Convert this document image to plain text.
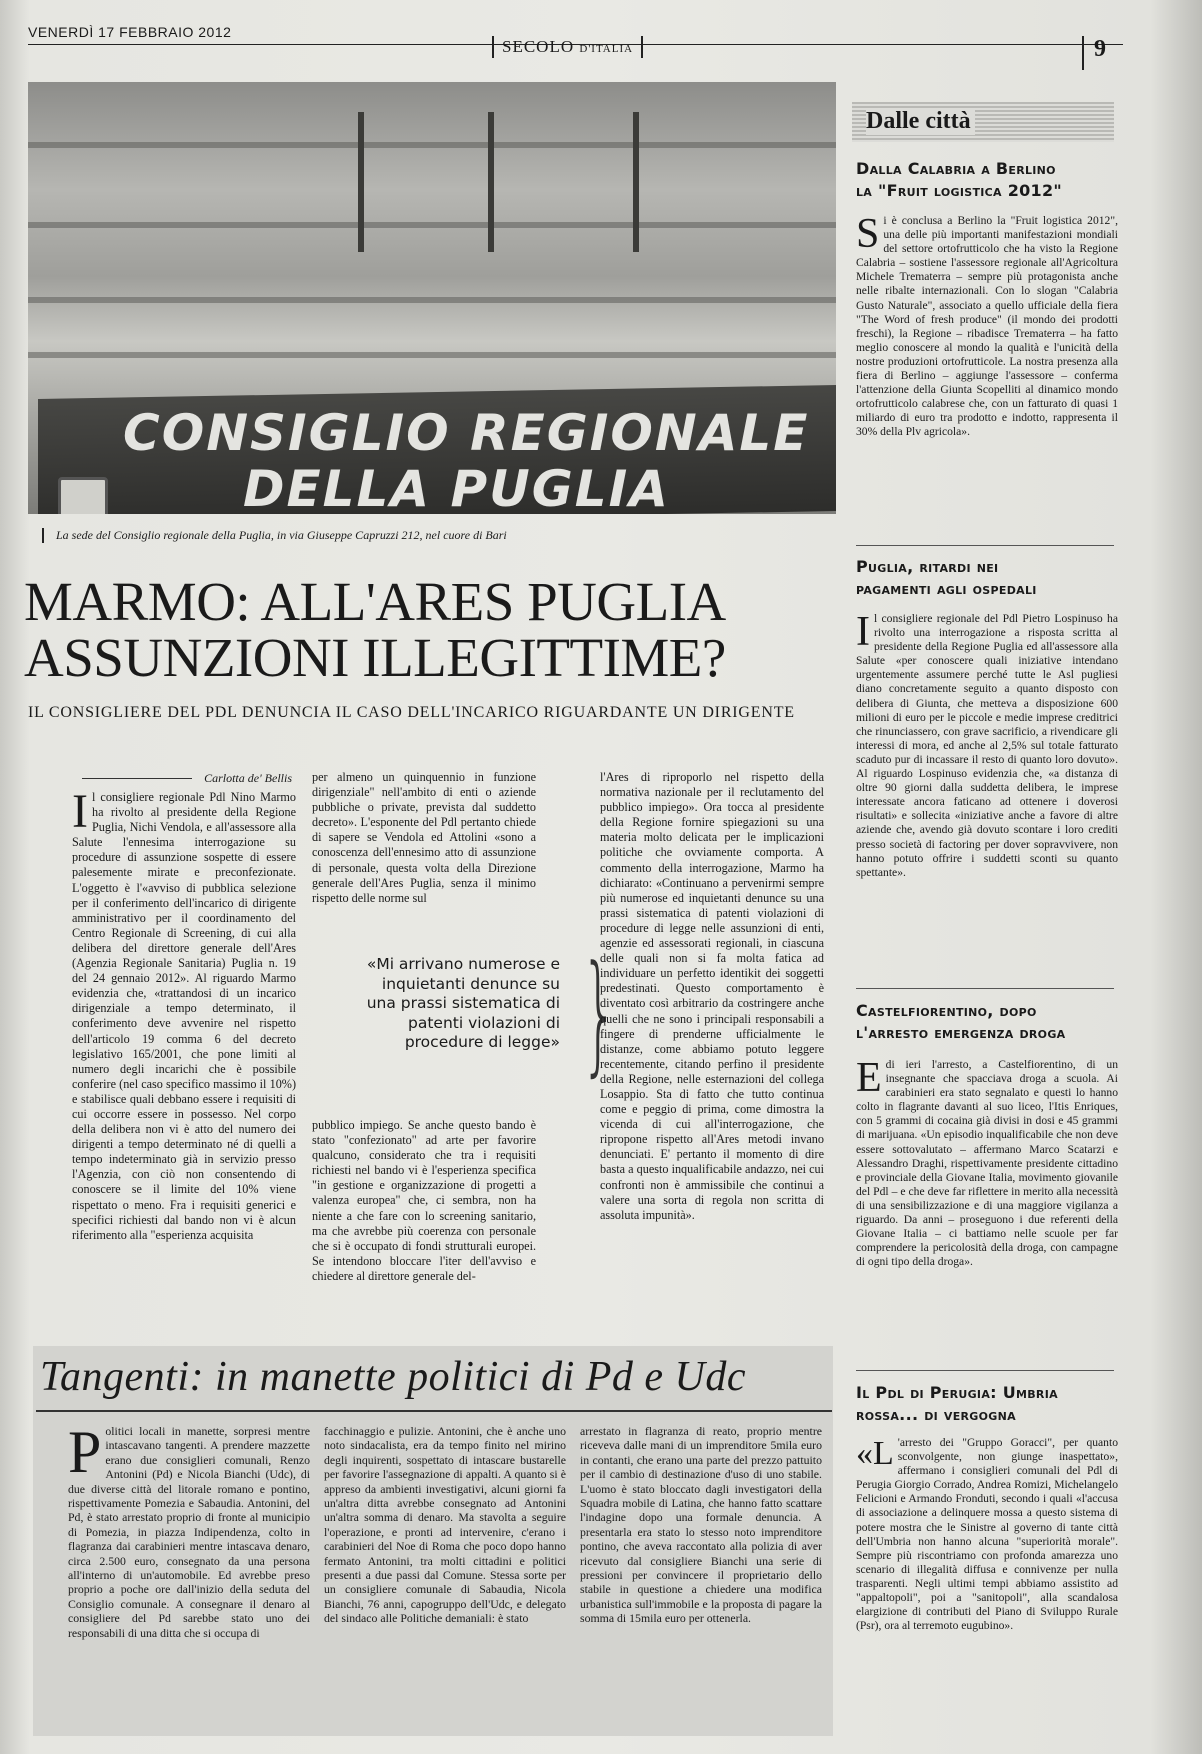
VENERDÌ 17 FEBBRAIO 2012
SECOLO D'ITALIA	9
CONSIGLIO REGIONALE
DELLA PUGLIA
La sede del Consiglio regionale della Puglia, in via Giuseppe Capruzzi 212, nel cuore di Bari
MARMO: ALL'ARES PUGLIA
ASSUNZIONI ILLEGITTIME?
IL CONSIGLIERE DEL PDL DENUNCIA IL CASO DELL'INCARICO RIGUARDANTE UN DIRIGENTE
Carlotta de' Bellis
Il consigliere regionale Pdl Nino Marmo ha rivolto al presidente della Regione Puglia, Nichi Vendola, e all'assessore alla Salute l'ennesima interrogazione su procedure di assunzione sospette di essere palesemente mirate e preconfezionate. L'oggetto è l'«avviso di pubblica selezione per il conferimento dell'incarico di dirigente amministrativo per il coordinamento del Centro Regionale di Screening, di cui alla delibera del direttore generale dell'Ares (Agenzia Regionale Sanitaria) Puglia n. 19 del 24 gennaio 2012». Al riguardo Marmo evidenzia che, «trattandosi di un incarico dirigenziale a tempo determinato, il conferimento deve avvenire nel rispetto dell'articolo 19 comma 6 del decreto legislativo 165/2001, che pone limiti al numero degli incarichi che è possibile conferire (nel caso specifico massimo il 10%) e stabilisce quali debbano essere i requisiti di cui occorre essere in possesso. Nel corpo della delibera non vi è atto del numero dei dirigenti a tempo determinato né di quelli a tempo indeterminato già in servizio presso l'Agenzia, con ciò non consentendo di conoscere se il limite del 10% viene rispettato o meno. Fra i requisiti generici e specifici richiesti dal bando non vi è alcun riferimento alla "esperienza acquisita
per almeno un quinquennio in funzione dirigenziale" nell'ambito di enti o aziende pubbliche o private, prevista dal suddetto decreto». L'esponente del Pdl pertanto chiede di sapere se Vendola ed Attolini «sono a conoscenza dell'ennesimo atto di assunzione di personale, questa volta della Direzione generale dell'Ares Puglia, senza il minimo rispetto delle norme sul
«Mi arrivano numerose e inquietanti denunce su una prassi sistematica di patenti violazioni di procedure di legge» }
pubblico impiego. Se anche questo bando è stato "confezionato" ad arte per favorire qualcuno, considerato che tra i requisiti richiesti nel bando vi è l'esperienza specifica "in gestione e organizzazione di progetti a valenza europea" che, ci sembra, non ha niente a che fare con lo screening sanitario, ma che avrebbe più coerenza con personale che si è occupato di fondi strutturali europei. Se intendono bloccare l'iter dell'avviso e chiedere al direttore generale del-
l'Ares di riproporlo nel rispetto della normativa nazionale per il reclutamento del pubblico impiego». Ora tocca al presidente della Regione fornire spiegazioni su una materia molto delicata per le implicazioni politiche che ovviamente comporta. A commento della interrogazione, Marmo ha dichiarato: «Continuano a pervenirmi sempre più numerose ed inquietanti denunce su una prassi sistematica di patenti violazioni di procedure di legge nelle assunzioni di enti, agenzie ed assessorati regionali, in ciascuna delle quali non si fa molta fatica ad individuare un perfetto identikit dei soggetti predestinati. Questo comportamento è diventato così arbitrario da costringere anche quelli che ne sono i principali responsabili a fingere di prenderne ufficialmente le distanze, come abbiamo potuto leggere recentemente, citando perfino il presidente della Regione, nelle esternazioni del collega Losappio. Sta di fatto che tutto continua come e peggio di prima, come dimostra la vicenda di cui all'interrogazione, che ripropone rispetto all'Ares metodi invano denunciati. E' pertanto il momento di dire basta a questo inqualificabile andazzo, nei cui confronti non è ammissibile che continui a valere una sorta di regola non scritta di assoluta impunità».
Tangenti: in manette politici di Pd e Udc
Politici locali in manette, sorpresi mentre intascavano tangenti. A prendere mazzette erano due consiglieri comunali, Renzo Antonini (Pd) e Nicola Bianchi (Udc), di due diverse città del litorale romano e pontino, rispettivamente Pomezia e Sabaudia. Antonini, del Pd, è stato arrestato proprio di fronte al municipio di Pomezia, in piazza Indipendenza, colto in flagranza dai carabinieri mentre intascava denaro, circa 2.500 euro, consegnato da una persona all'interno di un'automobile. Ed avrebbe preso proprio a poche ore dall'inizio della seduta del Consiglio comunale. A consegnare il denaro al consigliere del Pd sarebbe stato uno dei responsabili di una ditta che si occupa di
facchinaggio e pulizie. Antonini, che è anche uno noto sindacalista, era da tempo finito nel mirino degli inquirenti, sospettato di intascare bustarelle per favorire l'assegnazione di appalti. A quanto si è appreso da ambienti investigativi, alcuni giorni fa un'altra ditta avrebbe consegnato ad Antonini un'altra somma di denaro. Ma stavolta a seguire l'operazione, e pronti ad intervenire, c'erano i carabinieri del Noe di Roma che poco dopo hanno fermato Antonini, tra molti cittadini e politici presenti a due passi dal Comune. Stessa sorte per un consigliere comunale di Sabaudia, Nicola Bianchi, 76 anni, capogruppo dell'Udc, e delegato del sindaco alle Politiche demaniali: è stato
arrestato in flagranza di reato, proprio mentre riceveva dalle mani di un imprenditore 5mila euro in contanti, che erano una parte del prezzo pattuito per il cambio di destinazione d'uso di uno stabile. L'uomo è stato bloccato dagli investigatori della Squadra mobile di Latina, che hanno fatto scattare l'indagine dopo una formale denuncia. A presentarla era stato lo stesso noto imprenditore pontino, che aveva raccontato alla polizia di aver ricevuto dal consigliere Bianchi una serie di pressioni per convincere il proprietario dello stabile in questione a chiedere una modifica urbanistica sull'immobile e la proposta di pagare la somma di 15mila euro per ottenerla.
Dalle città
Dalla Calabria a Berlino
la "Fruit logistica 2012"
Si è conclusa a Berlino la "Fruit logistica 2012", una delle più importanti manifestazioni mondiali del settore ortofrutticolo che ha visto la Regione Calabria – sostiene l'assessore regionale all'Agricoltura Michele Trematerra – sempre più protagonista anche nelle ribalte internazionali. Con lo slogan "Calabria Gusto Naturale", associato a quello ufficiale della fiera "The Word of fresh produce" (il mondo dei prodotti freschi), la Regione – ribadisce Trematerra – ha fatto meglio conoscere al mondo la qualità e l'unicità della nostre produzioni ortofrutticole. La nostra presenza alla fiera di Berlino – aggiunge l'assessore – conferma l'attenzione della Giunta Scopelliti al dinamico mondo ortofrutticolo calabrese che, con un fatturato di quasi 1 miliardo di euro tra prodotto e indotto, rappresenta il 30% della Plv agricola».
Puglia, ritardi nei
pagamenti agli ospedali
Il consigliere regionale del Pdl Pietro Lospinuso ha rivolto una interrogazione a risposta scritta al presidente della Regione Puglia ed all'assessore alla Salute «per conoscere quali iniziative intendano urgentemente assumere perché tutte le Asl pugliesi diano concretamente seguito a quanto disposto con delibera di Giunta, che metteva a disposizione 600 milioni di euro per le piccole e medie imprese creditrici che rinunciassero, con grave sacrificio, a rivendicare gli interessi di mora, ed anche al 2,5% sul totale fatturato scaduto pur di incassare il resto di quanto loro dovuto». Al riguardo Lospinuso evidenzia che, «a distanza di oltre 90 giorni dalla suddetta delibera, le imprese interessate ancora faticano ad ottenere i doverosi risultati» e sollecita «iniziative anche a favore di altre aziende che, avendo già dovuto scontare i loro crediti presso società di factoring per dover sopravvivere, non hanno potuto offrire i suddetti sconti su quanto spettante».
Castelfiorentino, dopo
l'arresto emergenza droga
Edi ieri l'arresto, a Castelfiorentino, di un insegnante che spacciava droga a scuola. Ai carabinieri era stato segnalato e questi lo hanno colto in flagrante davanti al suo liceo, l'Itis Enriques, con 5 grammi di cocaina già divisi in dosi e 45 grammi di marijuana. «Un episodio inqualificabile che non deve essere sottovalutato – affermano Marco Scatarzi e Alessandro Draghi, rispettivamente presidente cittadino e provinciale della Giovane Italia, movimento giovanile del Pdl – e che deve far riflettere in merito alla necessità di una sensibilizzazione e di una maggiore vigilanza a riguardo. Da anni – proseguono i due referenti della Giovane Italia – ci battiamo nelle scuole per far comprendere la pericolosità della droga, con campagne di ogni tipo della droga».
Il Pdl di Perugia: Umbria
rossa... di vergogna
«L 'arresto dei "Gruppo Goracci", per quanto sconvolgente, non giunge inaspettato», affermano i consiglieri comunali del Pdl di Perugia Giorgio Corrado, Andrea Romizi, Michelangelo Felicioni e Armando Fronduti, secondo i quali «l'accusa di associazione a delinquere mossa a questo sistema di potere mostra che le Sinistre al governo di tante città dell'Umbria non hanno alcuna "superiorità morale". Sempre più riscontriamo con profonda amarezza uno scenario di illegalità diffusa e connivenze per nulla trasparenti. Negli ultimi tempi abbiamo assistito ad "appaltopoli", poi a "sanitopoli", alla scandalosa elargizione di contributi del Piano di Sviluppo Rurale (Psr), ora al terremoto eugubino».
